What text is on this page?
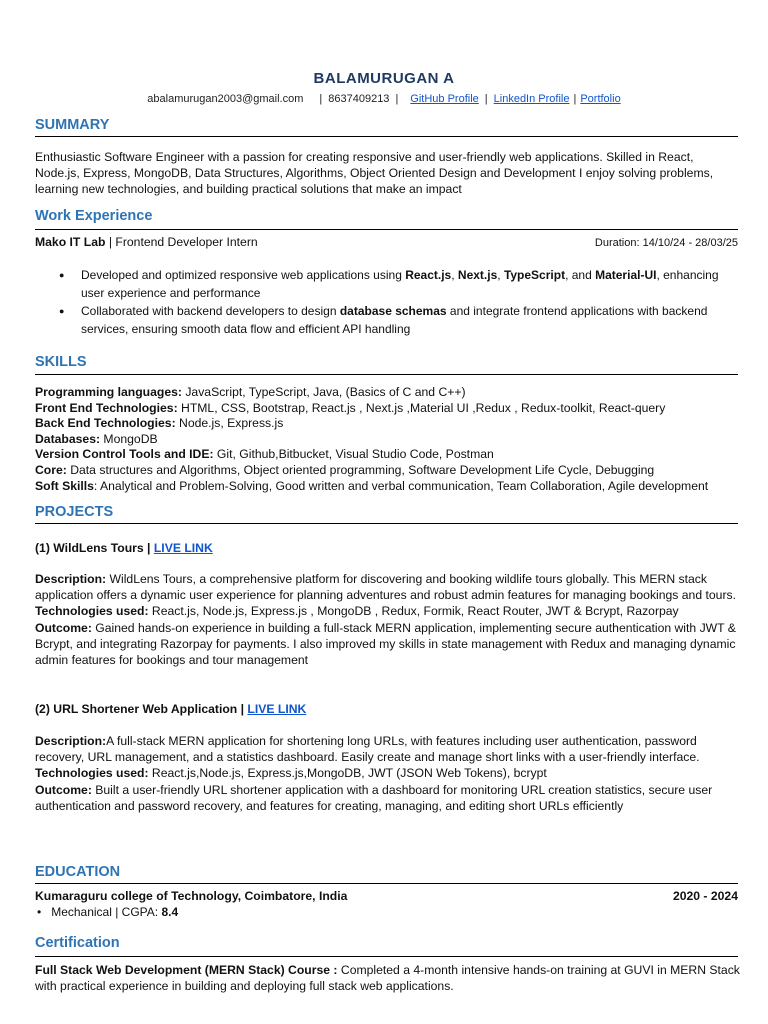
BALAMURUGAN A
abalamurugan2003@gmail.com | 8637409213 | GitHub Profile | LinkedIn Profile | Portfolio
SUMMARY
Enthusiastic Software Engineer with a passion for creating responsive and user-friendly web applications. Skilled in React, Node.js, Express, MongoDB, Data Structures, Algorithms, Object Oriented Design and Development I enjoy solving problems, learning new technologies, and building practical solutions that make an impact
Work Experience
Mako IT Lab | Frontend Developer Intern	Duration: 14/10/24 - 28/03/25
● Developed and optimized responsive web applications using React.js, Next.js, TypeScript, and Material-UI, enhancing user experience and performance
● Collaborated with backend developers to design database schemas and integrate frontend applications with backend services, ensuring smooth data flow and efficient API handling
SKILLS
Programming languages: JavaScript, TypeScript, Java, (Basics of C and C++)
Front End Technologies: HTML, CSS, Bootstrap, React.js , Next.js ,Material UI ,Redux , Redux-toolkit, React-query
Back End Technologies: Node.js, Express.js
Databases: MongoDB
Version Control Tools and IDE: Git, Github,Bitbucket, Visual Studio Code, Postman
Core: Data structures and Algorithms, Object oriented programming, Software Development Life Cycle, Debugging
Soft Skills: Analytical and Problem-Solving, Good written and verbal communication, Team Collaboration, Agile development
PROJECTS
(1) WildLens Tours | LIVE LINK
Description: WildLens Tours, a comprehensive platform for discovering and booking wildlife tours globally. This MERN stack application offers a dynamic user experience for planning adventures and robust admin features for managing bookings and tours.
Technologies used: React.js, Node.js, Express.js , MongoDB , Redux, Formik, React Router, JWT & Bcrypt, Razorpay
Outcome: Gained hands-on experience in building a full-stack MERN application, implementing secure authentication with JWT & Bcrypt, and integrating Razorpay for payments. I also improved my skills in state management with Redux and managing dynamic admin features for bookings and tour management
(2) URL Shortener Web Application | LIVE LINK
Description:A full-stack MERN application for shortening long URLs, with features including user authentication, password recovery, URL management, and a statistics dashboard. Easily create and manage short links with a user-friendly interface.
Technologies used: React.js,Node.js, Express.js,MongoDB, JWT (JSON Web Tokens), bcrypt
Outcome: Built a user-friendly URL shortener application with a dashboard for monitoring URL creation statistics, secure user authentication and password recovery, and features for creating, managing, and editing short URLs efficiently
EDUCATION
Kumaraguru college of Technology, Coimbatore, India	2020 - 2024
• Mechanical | CGPA: 8.4
Certification
Full Stack Web Development (MERN Stack) Course : Completed a 4-month intensive hands-on training at GUVI in MERN Stack with practical experience in building and deploying full stack web applications.
